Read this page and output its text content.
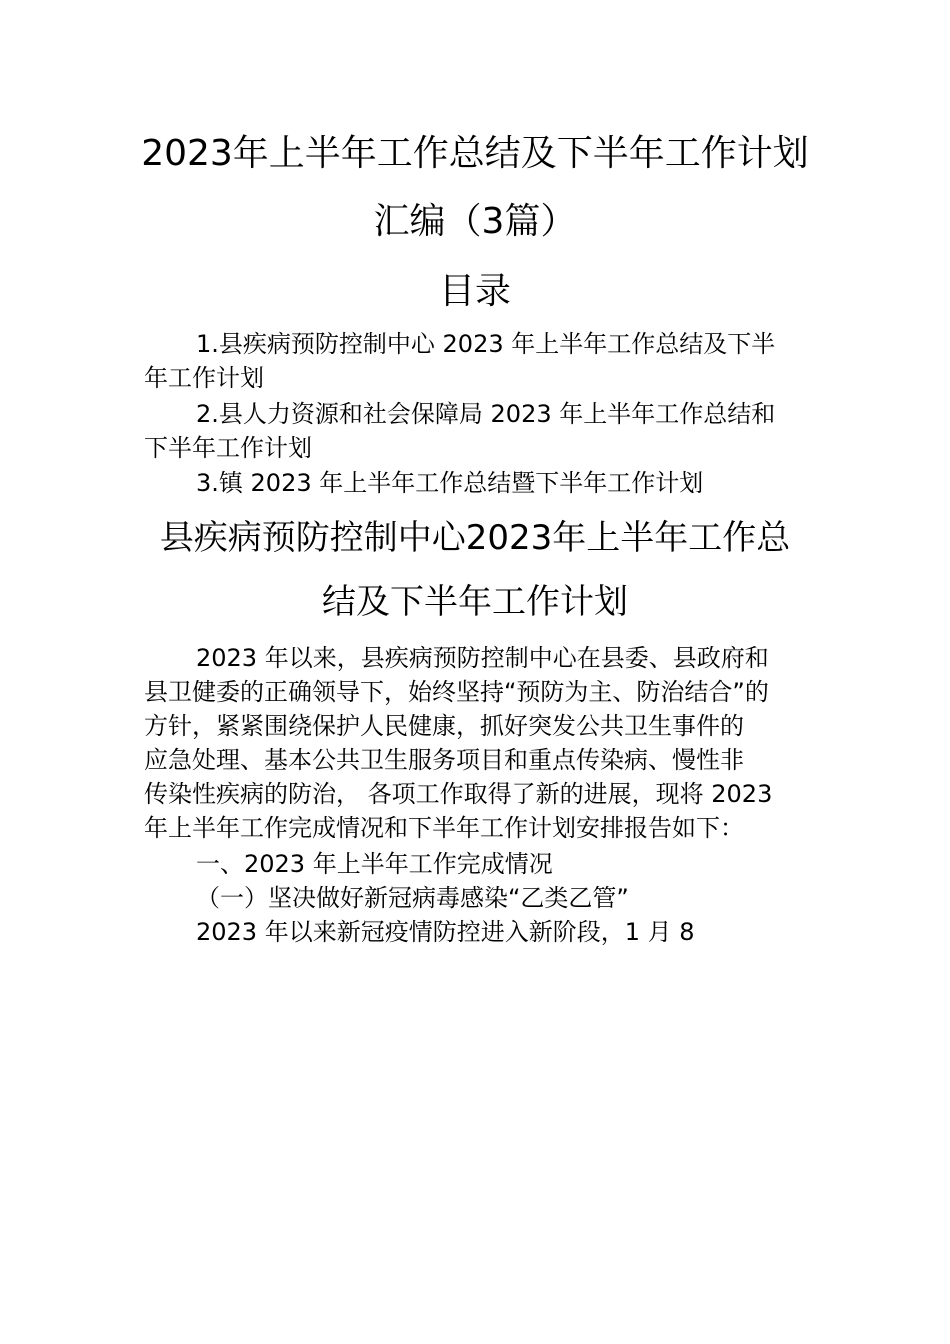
2023年上半年工作总结及下半年工作计划
汇编（3篇）
目录
1.县疾病预防控制中心 2023 年上半年工作总结及下半
年工作计划
2.县人力资源和社会保障局 2023 年上半年工作总结和
下半年工作计划
3.镇 2023 年上半年工作总结暨下半年工作计划
县疾病预防控制中心2023年上半年工作总
结及下半年工作计划
2023 年以来，县疾病预防控制中心在县委、县政府和
县卫健委的正确领导下，始终坚持“预防为主、防治结合”的
方针，紧紧围绕保护人民健康，抓好突发公共卫生事件的
应急处理、基本公共卫生服务项目和重点传染病、慢性非
传染性疾病的防治， 各项工作取得了新的进展，现将 2023
年上半年工作完成情况和下半年工作计划安排报告如下：
一、2023 年上半年工作完成情况
（一）坚决做好新冠病毒感染“乙类乙管”
2023 年以来新冠疫情防控进入新阶段，1 月 8
